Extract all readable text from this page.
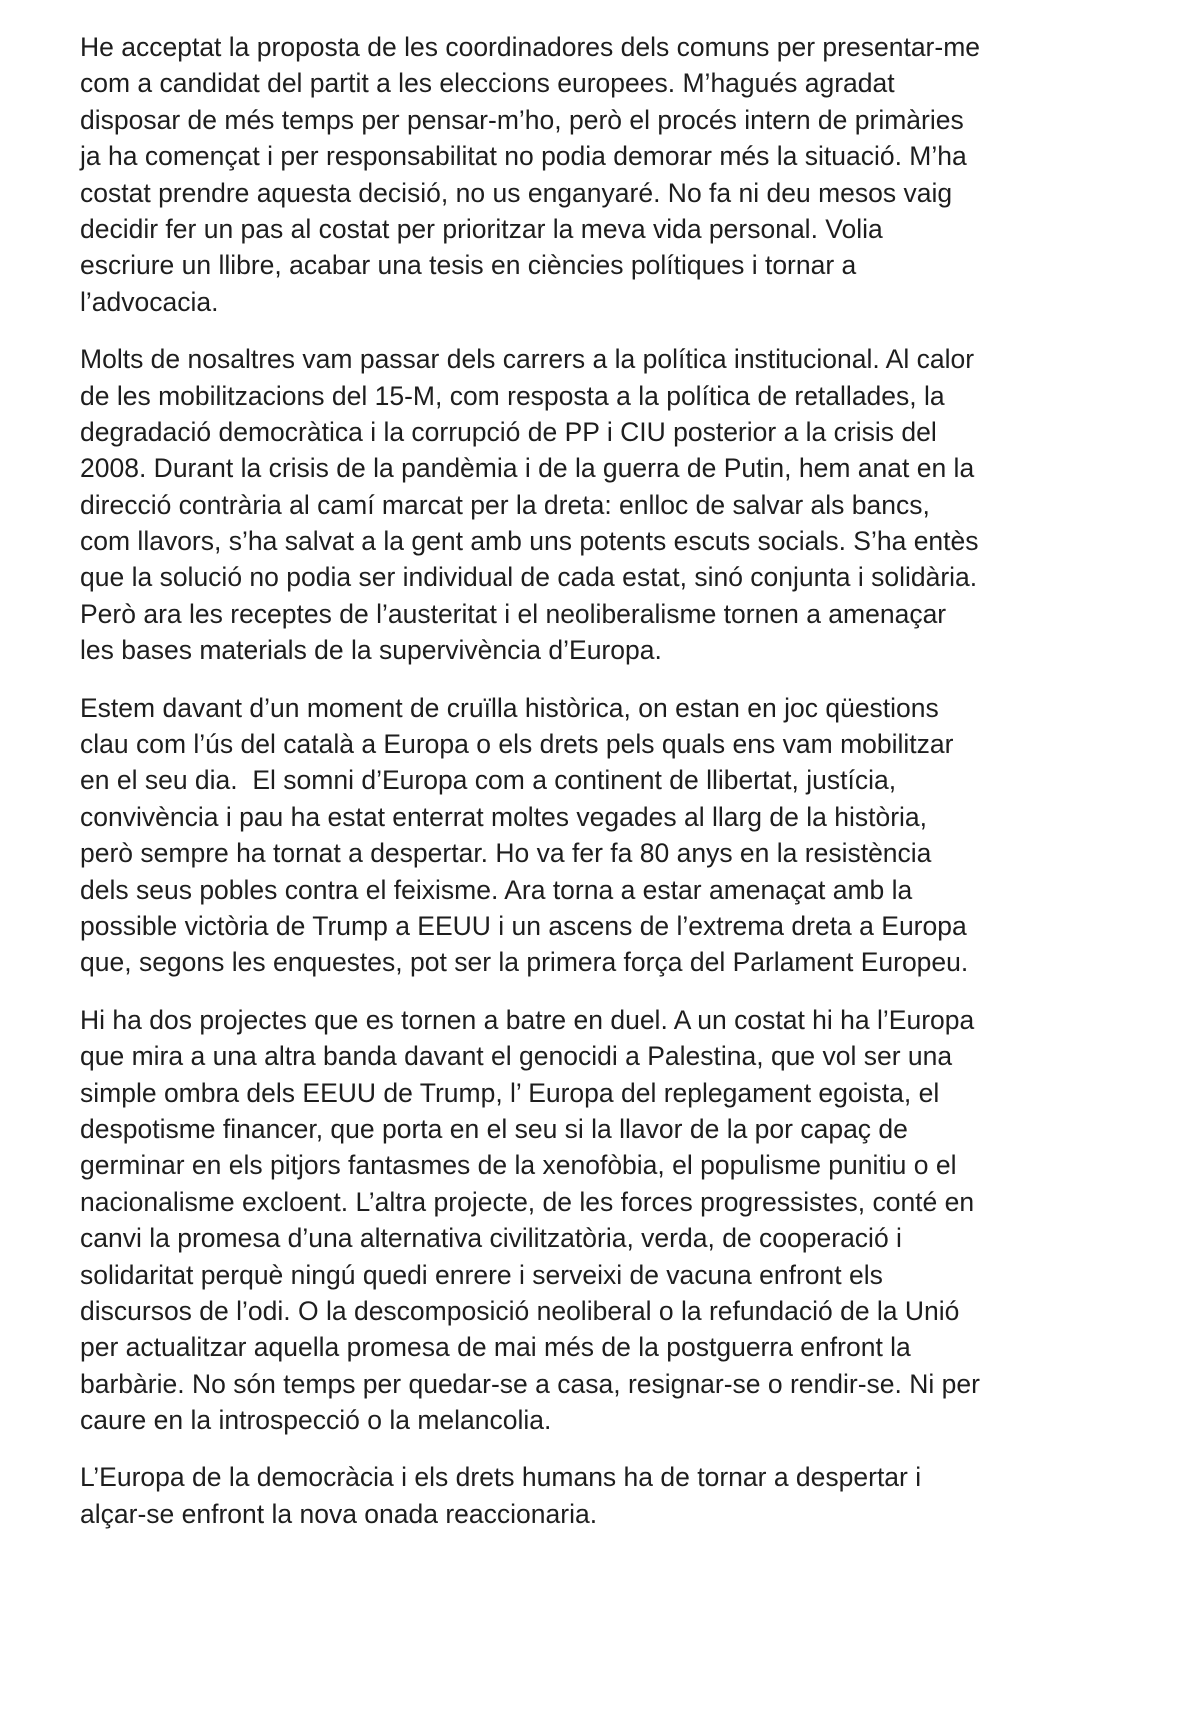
He acceptat la proposta de les coordinadores dels comuns per presentar-me
com a candidat del partit a les eleccions europees. M’hagués agradat
disposar de més temps per pensar-m’ho, però el procés intern de primàries
ja ha començat i per responsabilitat no podia demorar més la situació. M’ha
costat prendre aquesta decisió, no us enganyaré. No fa ni deu mesos vaig
decidir fer un pas al costat per prioritzar la meva vida personal. Volia
escriure un llibre, acabar una tesis en ciències polítiques i tornar a
l’advocacia.
Molts de nosaltres vam passar dels carrers a la política institucional. Al calor
de les mobilitzacions del 15-M, com resposta a la política de retallades, la
degradació democràtica i la corrupció de PP i CIU posterior a la crisis del
2008. Durant la crisis de la pandèmia i de la guerra de Putin, hem anat en la
direcció contrària al camí marcat per la dreta: enlloc de salvar als bancs,
com llavors, s’ha salvat a la gent amb uns potents escuts socials. S’ha entès
que la solució no podia ser individual de cada estat, sinó conjunta i solidària.
Però ara les receptes de l’austeritat i el neoliberalisme tornen a amenaçar
les bases materials de la supervivència d’Europa.
Estem davant d’un moment de cruïlla històrica, on estan en joc qüestions
clau com l’ús del català a Europa o els drets pels quals ens vam mobilitzar
en el seu dia.  El somni d’Europa com a continent de llibertat, justícia,
convivència i pau ha estat enterrat moltes vegades al llarg de la història,
però sempre ha tornat a despertar. Ho va fer fa 80 anys en la resistència
dels seus pobles contra el feixisme. Ara torna a estar amenaçat amb la
possible victòria de Trump a EEUU i un ascens de l’extrema dreta a Europa
que, segons les enquestes, pot ser la primera força del Parlament Europeu.
Hi ha dos projectes que es tornen a batre en duel. A un costat hi ha l’Europa
que mira a una altra banda davant el genocidi a Palestina, que vol ser una
simple ombra dels EEUU de Trump, l’ Europa del replegament egoista, el
despotisme financer, que porta en el seu si la llavor de la por capaç de
germinar en els pitjors fantasmes de la xenofòbia, el populisme punitiu o el
nacionalisme excloent. L’altra projecte, de les forces progressistes, conté en
canvi la promesa d’una alternativa civilitzatòria, verda, de cooperació i
solidaritat perquè ningú quedi enrere i serveixi de vacuna enfront els
discursos de l’odi. O la descomposició neoliberal o la refundació de la Unió
per actualitzar aquella promesa de mai més de la postguerra enfront la
barbàrie. No són temps per quedar-se a casa, resignar-se o rendir-se. Ni per
caure en la introspecció o la melancolia.
L’Europa de la democràcia i els drets humans ha de tornar a despertar i
alçar-se enfront la nova onada reaccionaria.
